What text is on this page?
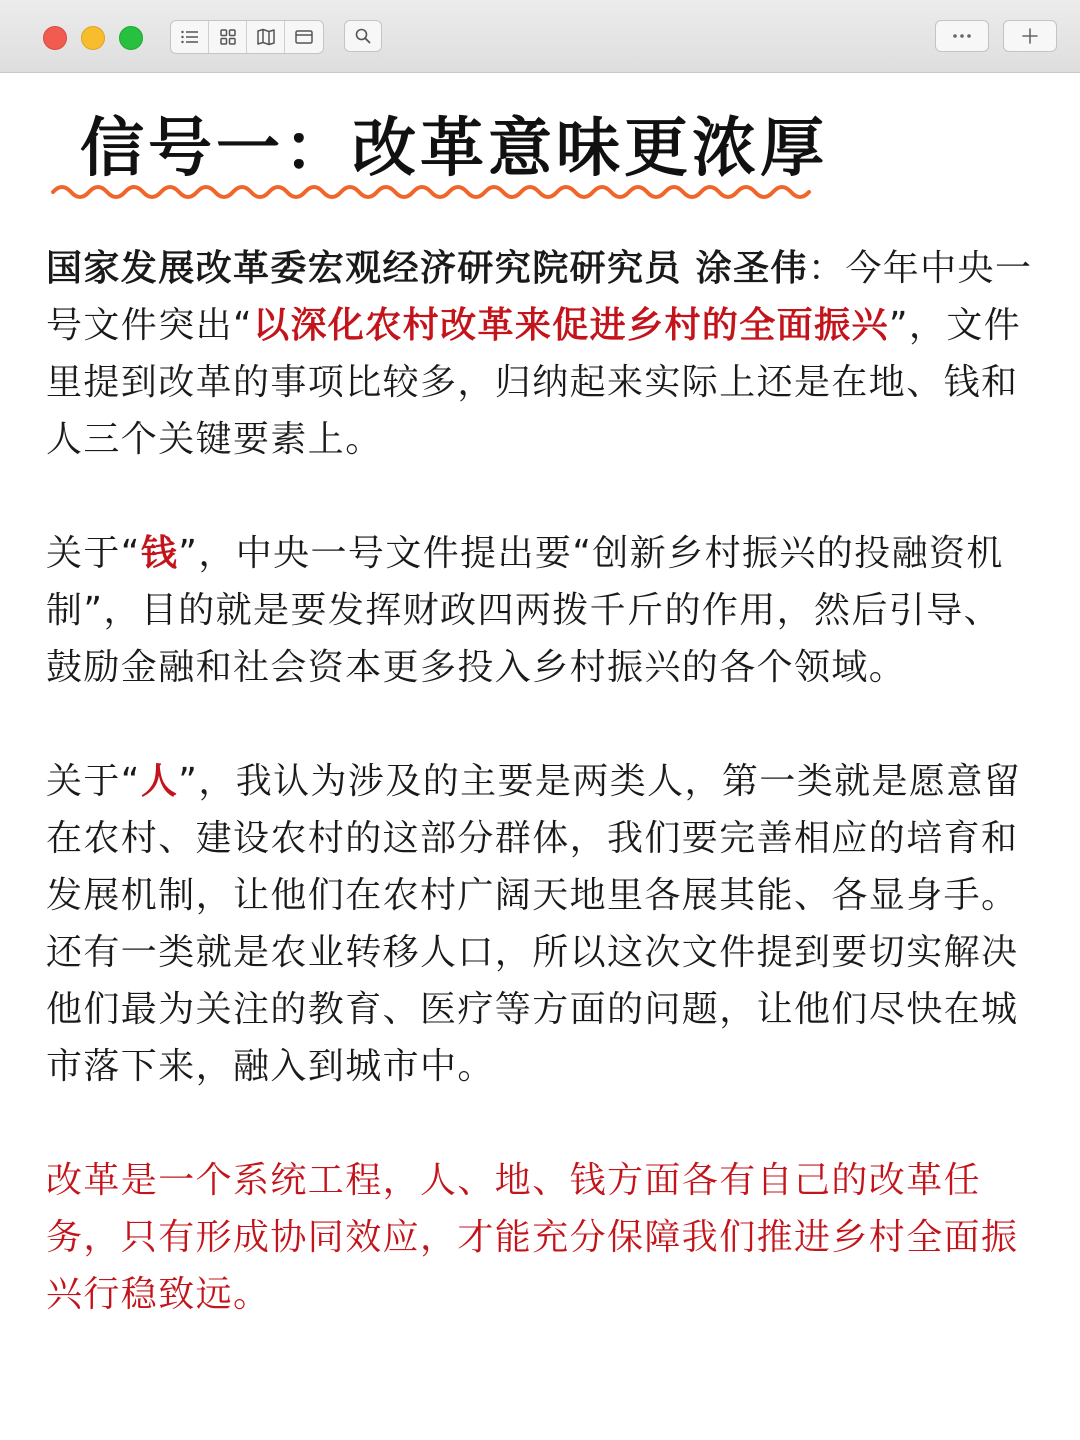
信号一：改革意味更浓厚

国家发展改革委宏观经济研究院研究员 涂圣伟：今年中央一号文件突出“以深化农村改革来促进乡村的全面振兴”，文件里提到改革的事项比较多，归纳起来实际上还是在地、钱和人三个关键要素上。

关于“钱”，中央一号文件提出要“创新乡村振兴的投融资机制”，目的就是要发挥财政四两拨千斤的作用，然后引导、鼓励金融和社会资本更多投入乡村振兴的各个领域。

关于“人”，我认为涉及的主要是两类人，第一类就是愿意留在农村、建设农村的这部分群体，我们要完善相应的培育和发展机制，让他们在农村广阔天地里各展其能、各显身手。还有一类就是农业转移人口，所以这次文件提到要切实解决他们最为关注的教育、医疗等方面的问题，让他们尽快在城市落下来，融入到城市中。

改革是一个系统工程，人、地、钱方面各有自己的改革任务，只有形成协同效应，才能充分保障我们推进乡村全面振兴行稳致远。
